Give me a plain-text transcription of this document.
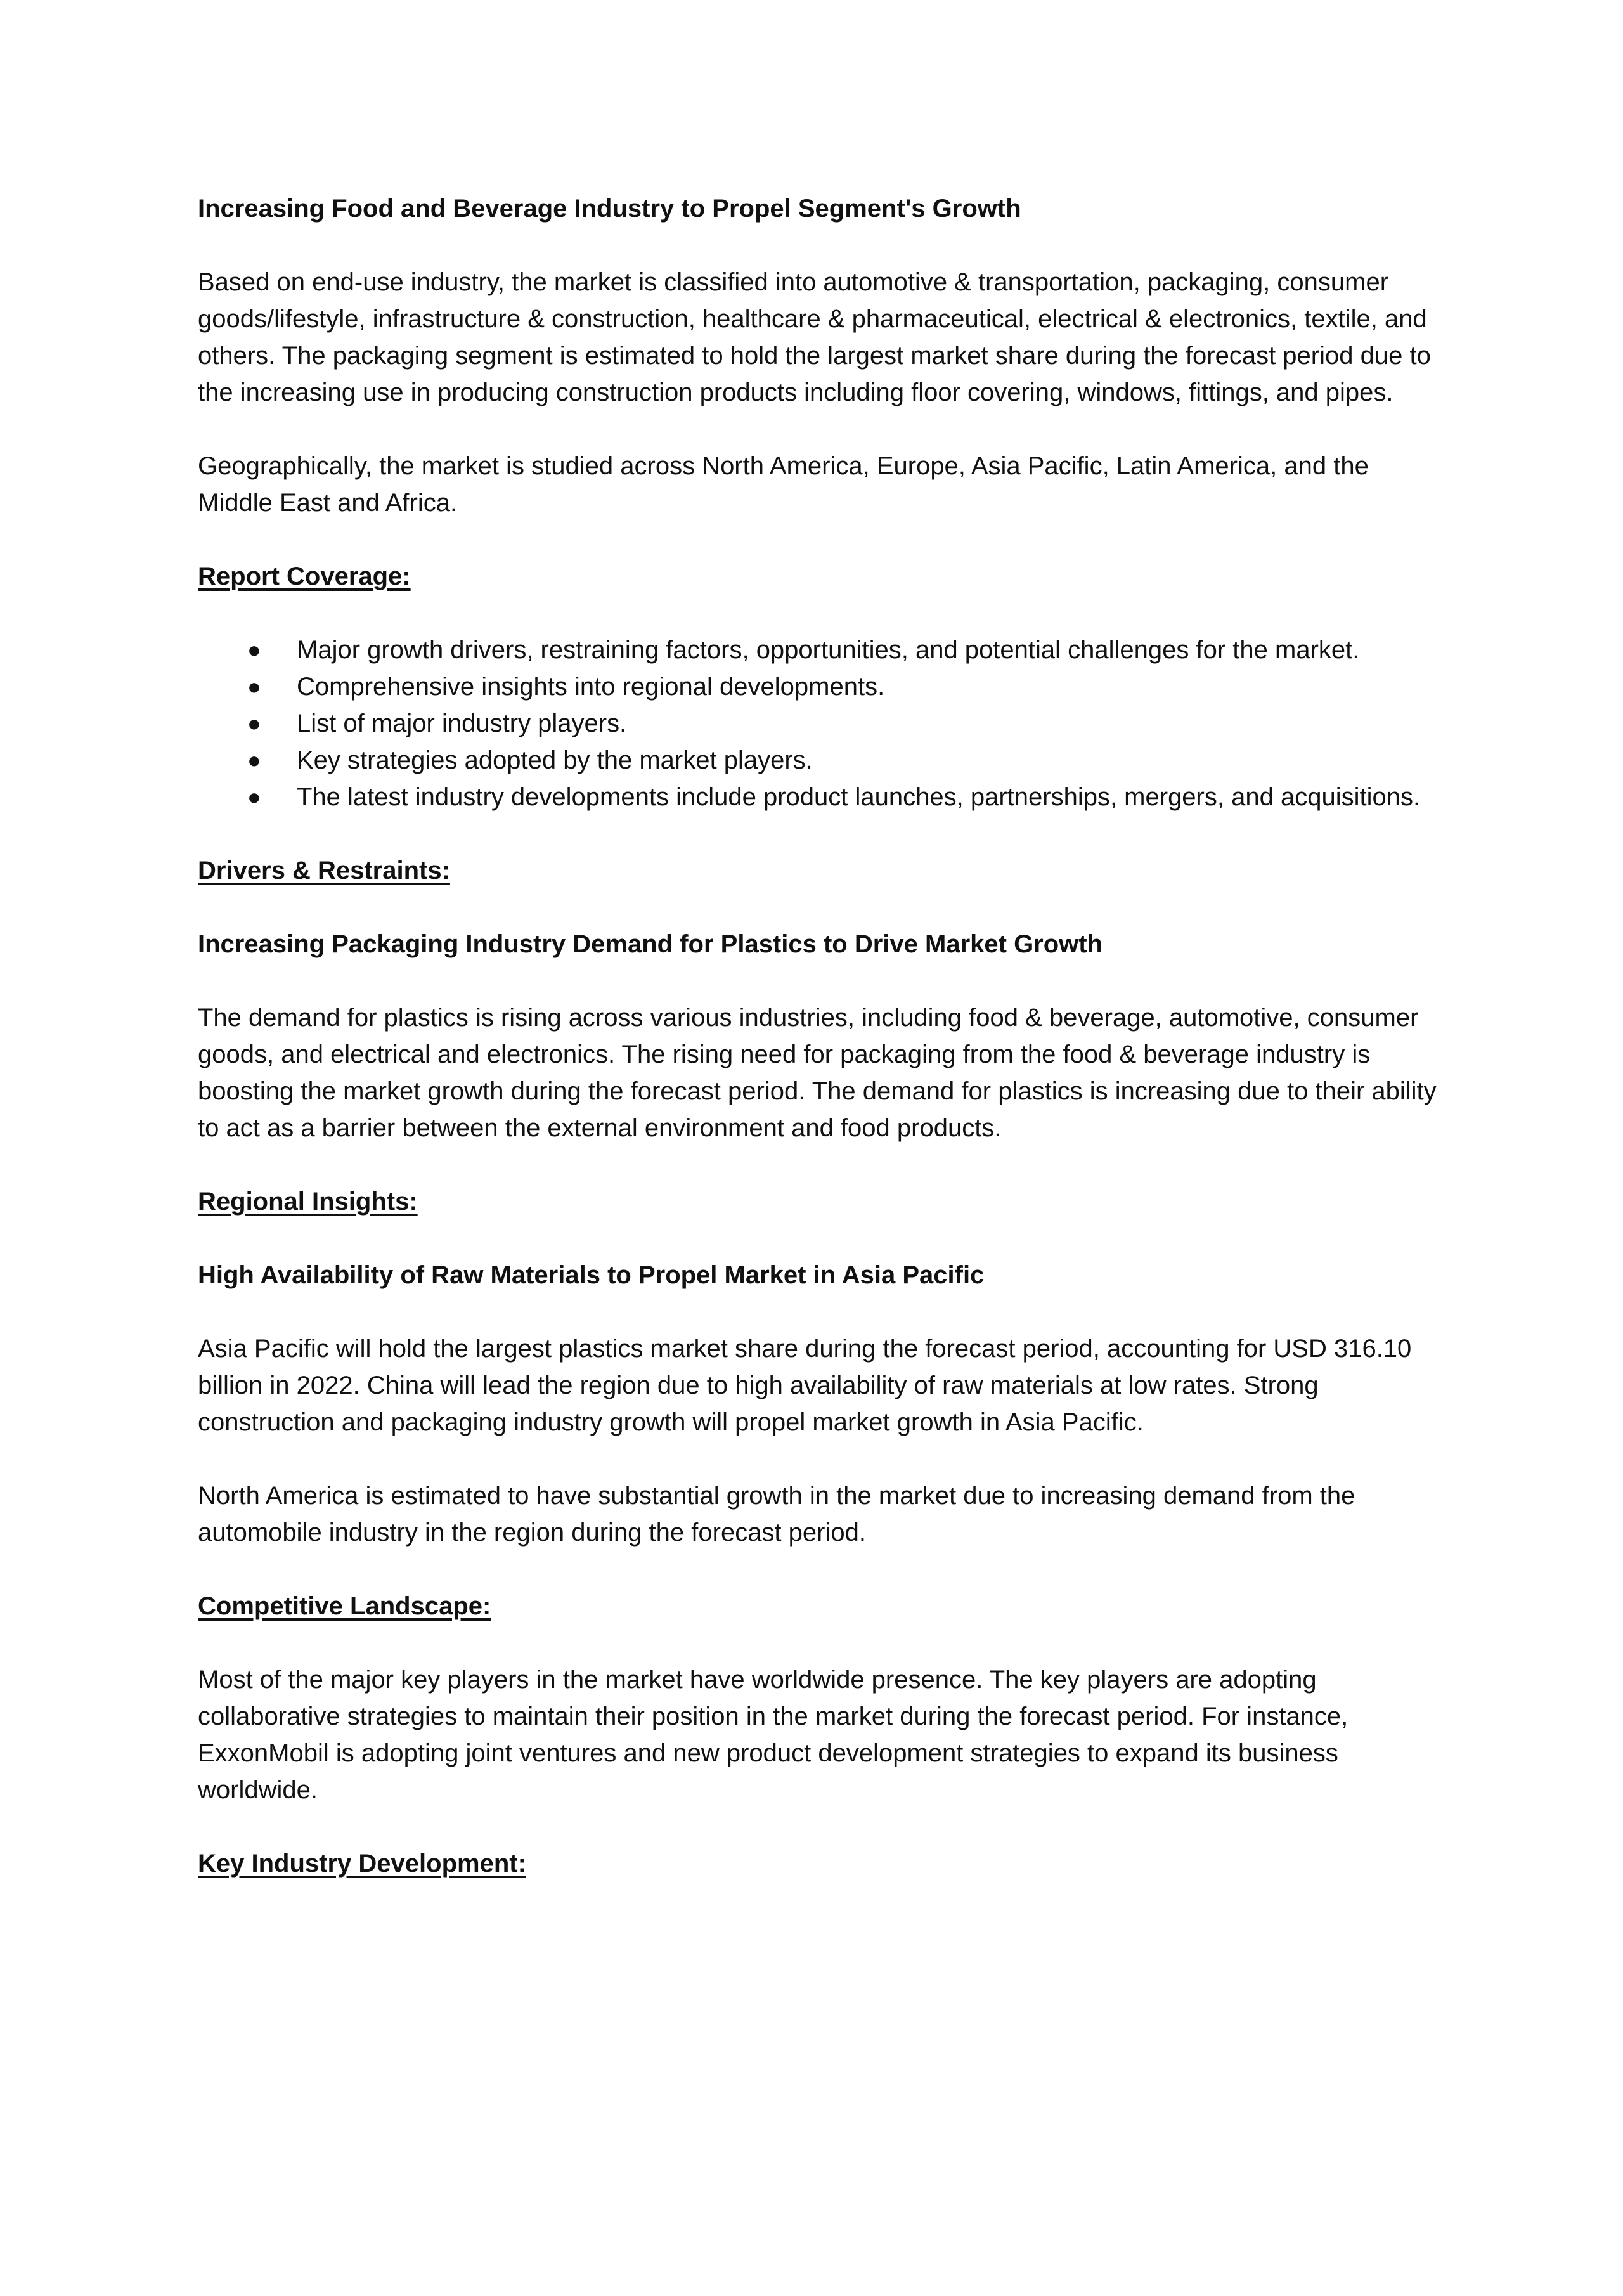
Increasing Food and Beverage Industry to Propel Segment's Growth

Based on end-use industry, the market is classified into automotive & transportation, packaging, consumer goods/lifestyle, infrastructure & construction, healthcare & pharmaceutical, electrical & electronics, textile, and others. The packaging segment is estimated to hold the largest market share during the forecast period due to the increasing use in producing construction products including floor covering, windows, fittings, and pipes.

Geographically, the market is studied across North America, Europe, Asia Pacific, Latin America, and the Middle East and Africa.

Report Coverage:
● Major growth drivers, restraining factors, opportunities, and potential challenges for the market.
● Comprehensive insights into regional developments.
● List of major industry players.
● Key strategies adopted by the market players.
● The latest industry developments include product launches, partnerships, mergers, and acquisitions.
Drivers & Restraints:
Increasing Packaging Industry Demand for Plastics to Drive Market Growth

The demand for plastics is rising across various industries, including food & beverage, automotive, consumer goods, and electrical and electronics. The rising need for packaging from the food & beverage industry is boosting the market growth during the forecast period. The demand for plastics is increasing due to their ability to act as a barrier between the external environment and food products.

Regional Insights:
High Availability of Raw Materials to Propel Market in Asia Pacific

Asia Pacific will hold the largest plastics market share during the forecast period, accounting for USD 316.10 billion in 2022. China will lead the region due to high availability of raw materials at low rates. Strong construction and packaging industry growth will propel market growth in Asia Pacific.

North America is estimated to have substantial growth in the market due to increasing demand from the automobile industry in the region during the forecast period.

Competitive Landscape:

Most of the major key players in the market have worldwide presence. The key players are adopting collaborative strategies to maintain their position in the market during the forecast period. For instance, ExxonMobil is adopting joint ventures and new product development strategies to expand its business worldwide.

Key Industry Development:
